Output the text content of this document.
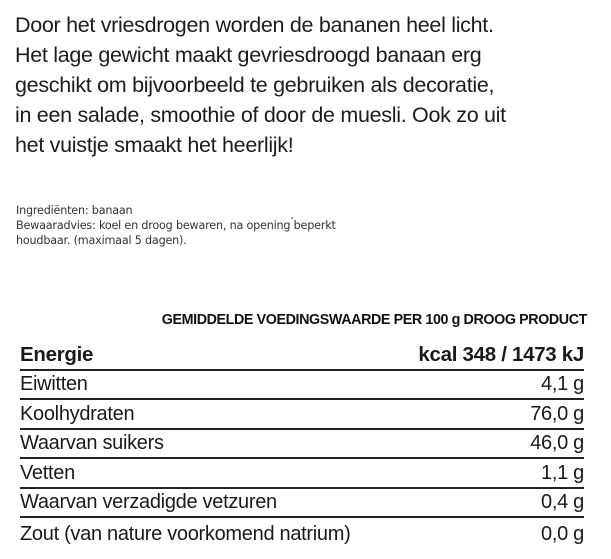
Door het vriesdrogen worden de bananen heel licht.

Het lage gewicht maakt gevriesdroogd banaan erg

geschikt om bijvoorbeeld te gebruiken als decoratie,

in een salade, smoothie of door de muesli. Ook zo uit

het vuistje smaakt het heerlijk!

Ingrediënten: banaan

Bewaaradvies: koel en droog bewaren, na opening beperkt

houdbaar. (maximaal 5 dagen).

GEMIDDELDE VOEDINGSWAARDE PER 100 g DROOG PRODUCT
Energie	kcal 348 / 1473 kJ
Eiwitten	4,1 g
Koolhydraten	76,0 g
Waarvan suikers	46,0 g
Vetten	1,1 g
Waarvan verzadigde vetzuren	0,4 g
Zout (van nature voorkomend natrium)	0,0 g
